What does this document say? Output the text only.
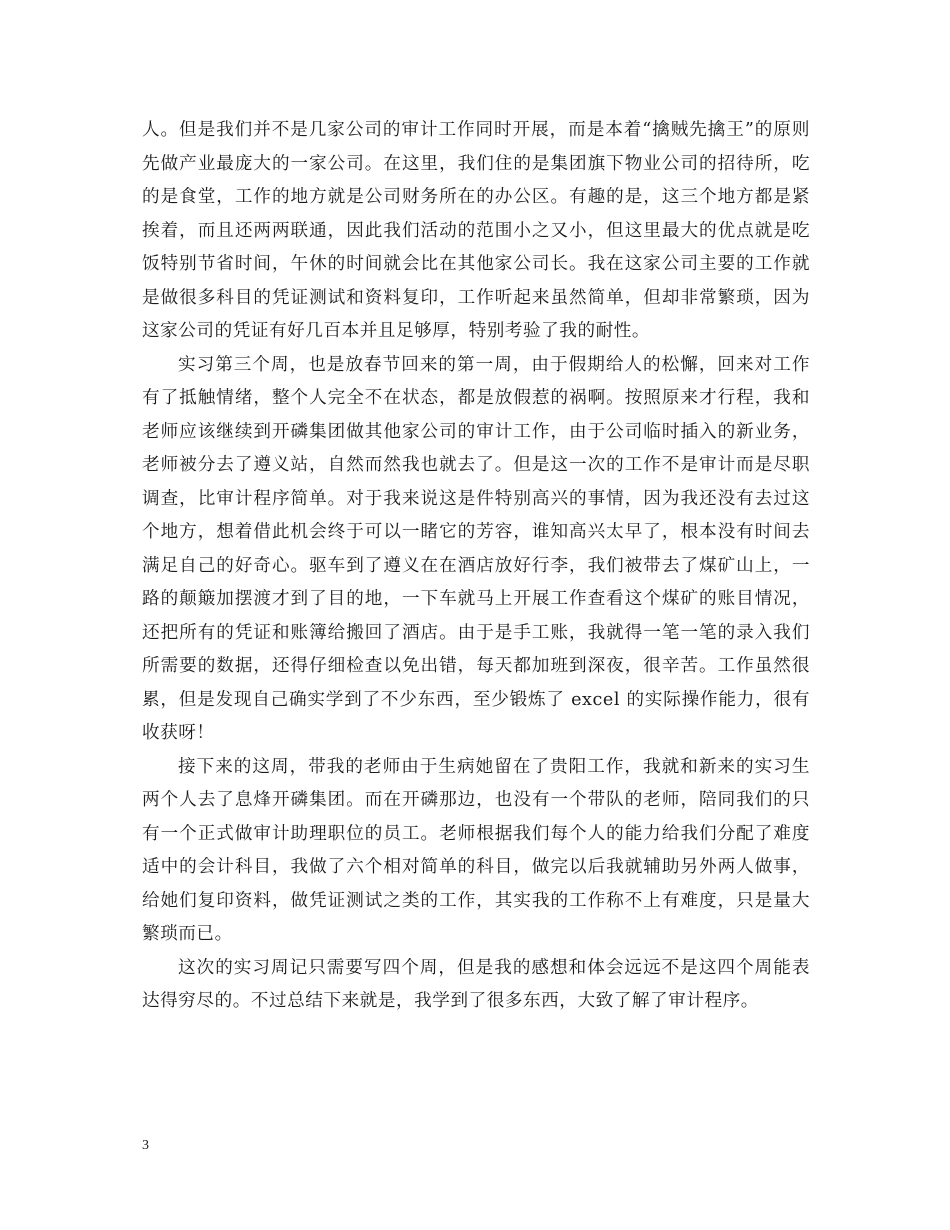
人。但是我们并不是几家公司的审计工作同时开展，而是本着“擒贼先擒王”的原则先做产业最庞大的一家公司。在这里，我们住的是集团旗下物业公司的招待所，吃的是食堂，工作的地方就是公司财务所在的办公区。有趣的是，这三个地方都是紧挨着，而且还两两联通，因此我们活动的范围小之又小，但这里最大的优点就是吃饭特别节省时间，午休的时间就会比在其他家公司长。我在这家公司主要的工作就是做很多科目的凭证测试和资料复印，工作听起来虽然简单，但却非常繁琐，因为这家公司的凭证有好几百本并且足够厚，特别考验了我的耐性。

实习第三个周，也是放春节回来的第一周，由于假期给人的松懈，回来对工作有了抵触情绪，整个人完全不在状态，都是放假惹的祸啊。按照原来才行程，我和老师应该继续到开磷集团做其他家公司的审计工作，由于公司临时插入的新业务，老师被分去了遵义站，自然而然我也就去了。但是这一次的工作不是审计而是尽职调查，比审计程序简单。对于我来说这是件特别高兴的事情，因为我还没有去过这个地方，想着借此机会终于可以一睹它的芳容，谁知高兴太早了，根本没有时间去满足自己的好奇心。驱车到了遵义在在酒店放好行李，我们被带去了煤矿山上，一路的颠簸加摆渡才到了目的地，一下车就马上开展工作查看这个煤矿的账目情况，还把所有的凭证和账簿给搬回了酒店。由于是手工账，我就得一笔一笔的录入我们所需要的数据，还得仔细检查以免出错，每天都加班到深夜，很辛苦。工作虽然很累，但是发现自己确实学到了不少东西，至少锻炼了 excel 的实际操作能力，很有收获呀！

接下来的这周，带我的老师由于生病她留在了贵阳工作，我就和新来的实习生两个人去了息烽开磷集团。而在开磷那边，也没有一个带队的老师，陪同我们的只有一个正式做审计助理职位的员工。老师根据我们每个人的能力给我们分配了难度适中的会计科目，我做了六个相对简单的科目，做完以后我就辅助另外两人做事，给她们复印资料，做凭证测试之类的工作，其实我的工作称不上有难度，只是量大繁琐而已。

这次的实习周记只需要写四个周，但是我的感想和体会远远不是这四个周能表达得穷尽的。不过总结下来就是，我学到了很多东西，大致了解了审计程序。

3
